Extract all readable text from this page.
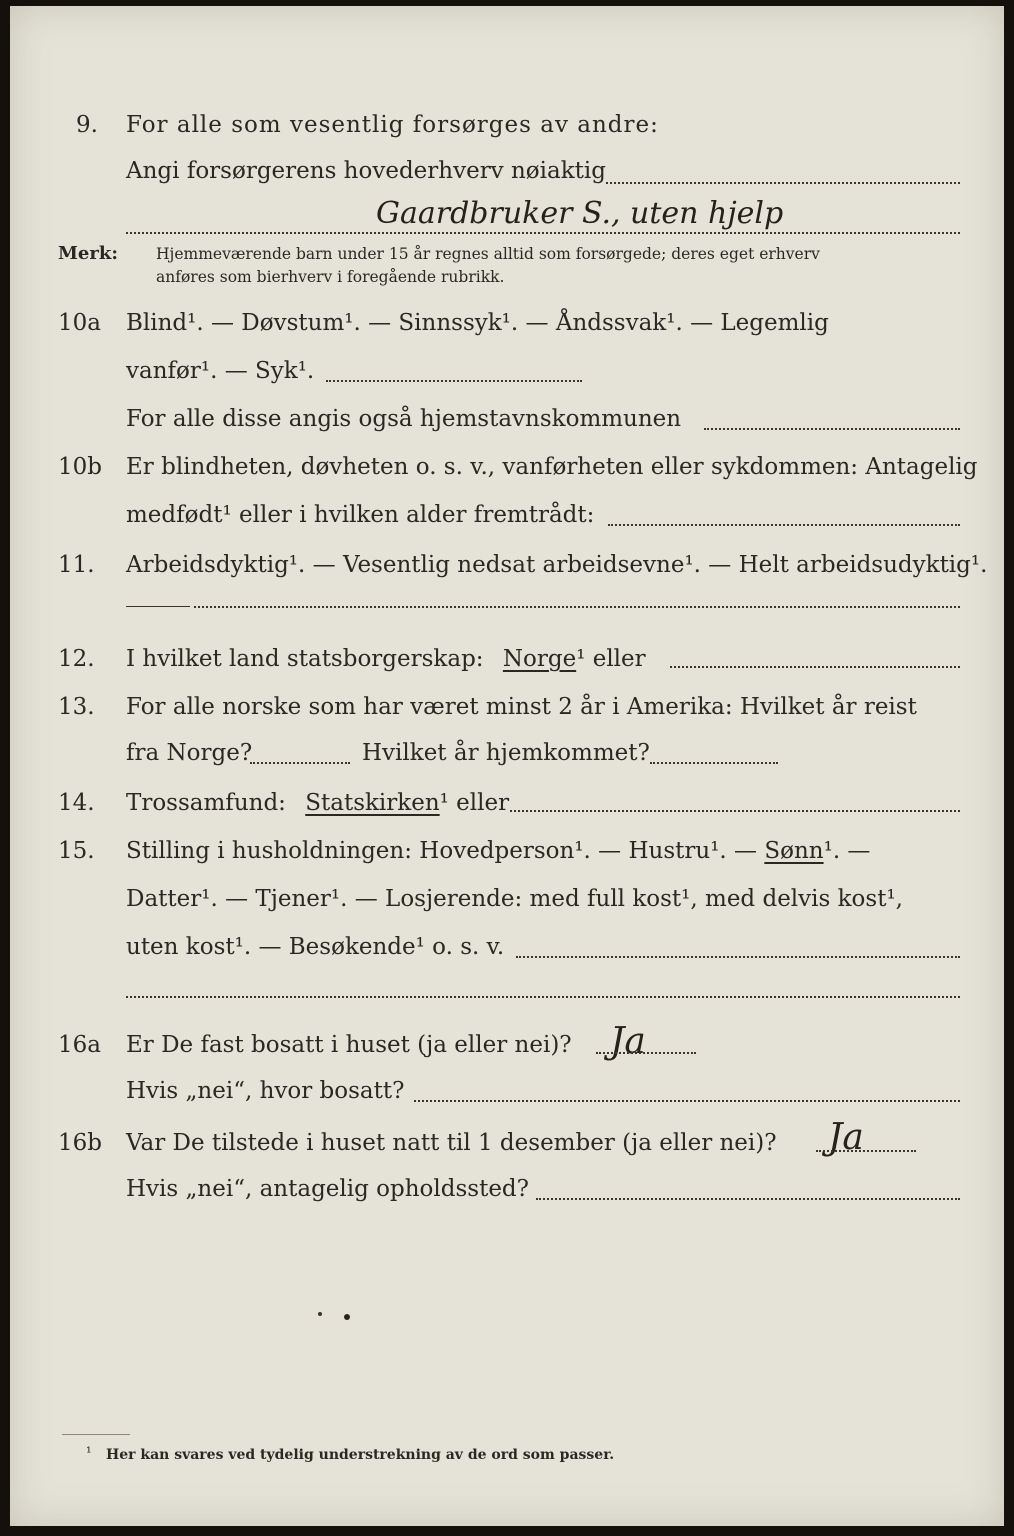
9. For alle som vesentlig forsørges av andre:
Angi forsørgerens hovederhverv nøiaktig
Gaardbruker S., uten hjelp
Merk: Hjemmeværende barn under 15 år regnes alltid som forsørgede; deres eget erhverv
anføres som bierhverv i foregående rubrikk.
10a Blind¹. — Døvstum¹. — Sinnssyk¹. — Åndssvak¹. — Legemlig
vanfør¹. — Syk¹.
For alle disse angis også hjemstavnskommunen
10b Er blindheten, døvheten o. s. v., vanførheten eller sykdommen: Antagelig
medfødt¹ eller i hvilken alder fremtrådt:
11. Arbeidsdyktig¹. — Vesentlig nedsat arbeidsevne¹. — Helt arbeidsudyktig¹.
12. I hvilket land statsborgerskap: Norge¹ eller
13. For alle norske som har været minst 2 år i Amerika: Hvilket år reist
fra Norge?	Hvilket år hjemkommet?
14. Trossamfund: Statskirken¹ eller
15. Stilling i husholdningen: Hovedperson¹. — Hustru¹. — Sønn¹. —
Datter¹. — Tjener¹. — Losjerende: med full kost¹, med delvis kost¹,
uten kost¹. — Besøkende¹ o. s. v.
16a Er De fast bosatt i huset (ja eller nei)? Ja
Hvis „nei“, hvor bosatt?
16b Var De tilstede i huset natt til 1 desember (ja eller nei)? Ja
Hvis „nei“, antagelig opholdssted?
¹ Her kan svares ved tydelig understrekning av de ord som passer.
